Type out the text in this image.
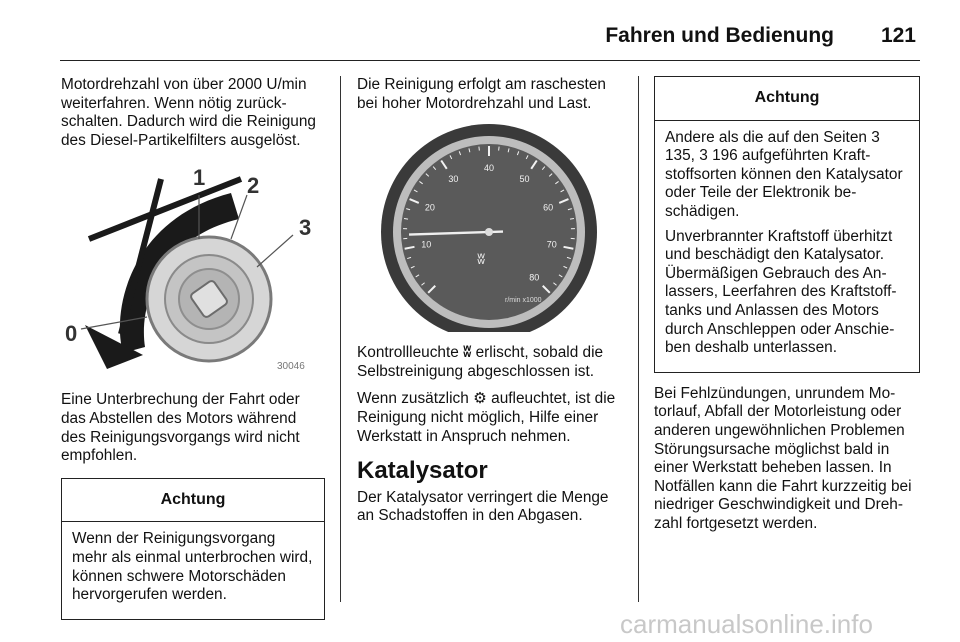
Fahren und Bedienung 121

Motordrehzahl von über 2000 U/min weiterfahren. Wenn nötig zurückschalten. Dadurch wird die Reinigung des Diesel-Partikelfilters ausgelöst.

1 2
3
0
30046

Eine Unterbrechung der Fahrt oder das Abstellen des Motors während des Reinigungsvorgangs wird nicht empfohlen.

Achtung

Wenn der Reinigungsvorgang mehr als einmal unterbrochen wird, können schwere Motorschäden hervorgerufen werden.

Die Reinigung erfolgt am raschesten bei hoher Motordrehzahl und Last.

10
20
30
40
50
60
70
80
ʬ
r/min x1000

Kontrollleuchte ʬ erlischt, sobald die Selbstreinigung abgeschlossen ist.

Wenn zusätzlich ⚙ aufleuchtet, ist die Reinigung nicht möglich, Hilfe einer Werkstatt in Anspruch nehmen.

Katalysator

Der Katalysator verringert die Menge an Schadstoffen in den Abgasen.

Achtung

Andere als die auf den Seiten 3 135, 3 196 aufgeführten Kraftstoffsorten können den Katalysator oder Teile der Elektronik beschädigen.

Unverbrannter Kraftstoff überhitzt und beschädigt den Katalysator. Übermäßigen Gebrauch des Anlassers, Leerfahren des Kraftstofftanks und Anlassen des Motors durch Anschleppen oder Anschieben deshalb unterlassen.

Bei Fehlzündungen, unrundem Motorlauf, Abfall der Motorleistung oder anderen ungewöhnlichen Problemen Störungsursache möglichst bald in einer Werkstatt beheben lassen. In Notfällen kann die Fahrt kurzzeitig bei niedriger Geschwindigkeit und Drehzahl fortgesetzt werden.

carmanualsonline.info
